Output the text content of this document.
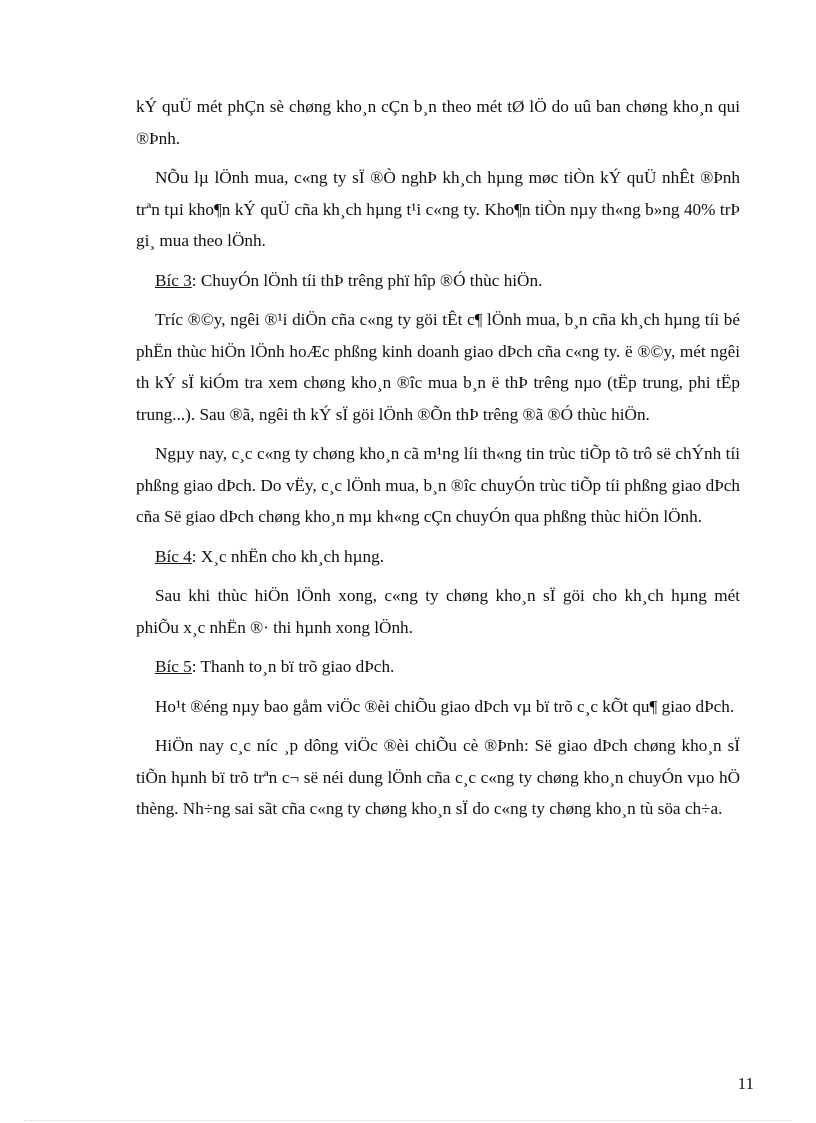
kÝ quÜ mét phÇn sè chøng kho¸n cÇn b¸n theo mét tØ lÖ do uû ban chøng kho¸n qui ®Þnh.

NÕu lµ lÖnh mua, c«ng ty sÏ ®Ò nghÞ kh¸ch hµng møc tiÒn kÝ quÜ nhÊt ®Þnh trªn tµi kho¶n kÝ quÜ cña kh¸ch hµng t¹i c«ng ty. Kho¶n tiÒn nµy th«ng b»ng 40% trÞ gi¸ mua theo lÖnh.

Bíc 3: ChuyÓn lÖnh tíi thÞ trêng phï hîp ®Ó thùc hiÖn.

Tríc ®©y, ngêi ®¹i diÖn cña c«ng ty göi tÊt c¶ lÖnh mua, b¸n cña kh¸ch hµng tíi bé phËn thùc hiÖn lÖnh hoÆc phßng kinh doanh giao dÞch cña c«ng ty. ë ®©y, mét ngêi th kÝ sÏ kiÓm tra xem chøng kho¸n ®îc mua b¸n ë thÞ trêng nµo (tËp trung, phi tËp trung...). Sau ®ã, ngêi th kÝ sÏ göi lÖnh ®Õn thÞ trêng ®ã ®Ó thùc hiÖn.

Ngµy nay, c¸c c«ng ty chøng kho¸n cã m¹ng líi th«ng tin trùc tiÕp tõ trô së chÝnh tíi phßng giao dÞch. Do vËy, c¸c lÖnh mua, b¸n ®îc chuyÓn trùc tiÕp tíi phßng giao dÞch cña Së giao dÞch chøng kho¸n mµ kh«ng cÇn chuyÓn qua phßng thùc hiÖn lÖnh.

Bíc 4: X¸c nhËn cho kh¸ch hµng.

Sau khi thùc hiÖn lÖnh xong, c«ng ty chøng kho¸n sÏ göi cho kh¸ch hµng mét phiÕu x¸c nhËn ®· thi hµnh xong lÖnh.

Bíc 5: Thanh to¸n bï trõ giao dÞch.

Ho¹t ®éng nµy bao gåm viÖc ®èi chiÕu giao dÞch vµ bï trõ c¸c kÕt qu¶ giao dÞch.

HiÖn nay c¸c níc ¸p dông viÖc ®èi chiÕu cè ®Þnh: Së giao dÞch chøng kho¸n sÏ tiÕn hµnh bï trõ trªn c¬ së néi dung lÖnh cña c¸c c«ng ty chøng kho¸n chuyÓn vµo hÖ thèng. Nh÷ng sai sãt cña c«ng ty chøng kho¸n sÏ do c«ng ty chøng kho¸n tù söa ch÷a.

11
